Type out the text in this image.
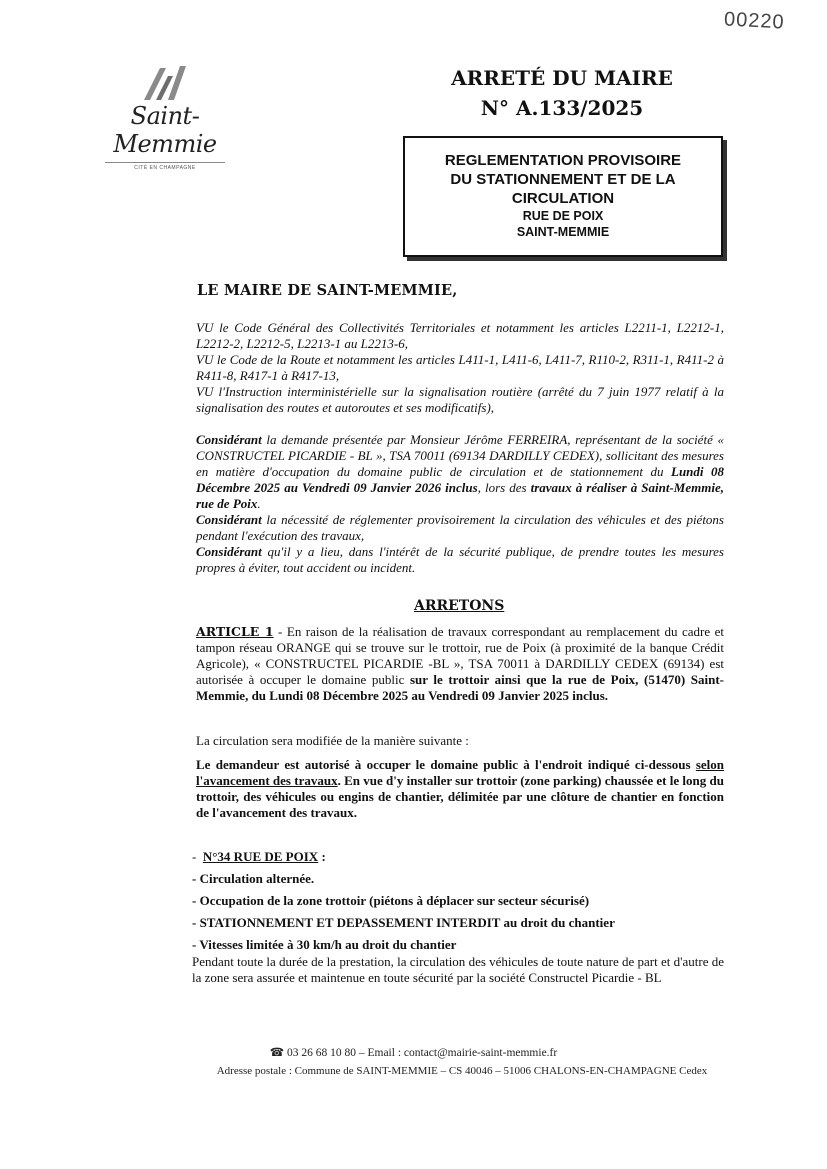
00220
Saint-Memmie
CITÉ EN CHAMPAGNE
ARRETÉ DU MAIRE
N° A.133/2025
REGLEMENTATION PROVISOIRE
DU STATIONNEMENT ET DE LA
CIRCULATION
RUE DE POIX
SAINT-MEMMIE
LE MAIRE DE SAINT-MEMMIE,
VU le Code Général des Collectivités Territoriales et notamment les articles L2211-1, L2212-1, L2212-2, L2212-5, L2213-1 au L2213-6,
VU le Code de la Route et notamment les articles L411-1, L411-6, L411-7, R110-2, R311-1, R411-2 à R411-8, R417-1 à R417-13,
VU l'Instruction interministérielle sur la signalisation routière (arrêté du 7 juin 1977 relatif à la signalisation des routes et autoroutes et ses modificatifs),
Considérant la demande présentée par Monsieur Jérôme FERREIRA, représentant de la société « CONSTRUCTEL PICARDIE - BL », TSA 70011 (69134 DARDILLY CEDEX), sollicitant des mesures en matière d'occupation du domaine public de circulation et de stationnement du Lundi 08 Décembre 2025 au Vendredi 09 Janvier 2026 inclus, lors des travaux à réaliser à Saint-Memmie, rue de Poix.
Considérant la nécessité de réglementer provisoirement la circulation des véhicules et des piétons pendant l'exécution des travaux,
Considérant qu'il y a lieu, dans l'intérêt de la sécurité publique, de prendre toutes les mesures propres à éviter, tout accident ou incident.
ARRETONS
ARTICLE 1 - En raison de la réalisation de travaux correspondant au remplacement du cadre et tampon réseau ORANGE qui se trouve sur le trottoir, rue de Poix (à proximité de la banque Crédit Agricole), « CONSTRUCTEL PICARDIE -BL », TSA 70011 à DARDILLY CEDEX (69134) est autorisée à occuper le domaine public sur le trottoir ainsi que la rue de Poix, (51470) Saint-Memmie, du Lundi 08 Décembre 2025 au Vendredi 09 Janvier 2025 inclus.
La circulation sera modifiée de la manière suivante :
Le demandeur est autorisé à occuper le domaine public à l'endroit indiqué ci-dessous selon l'avancement des travaux. En vue d'y installer sur trottoir (zone parking) chaussée et le long du trottoir, des véhicules ou engins de chantier, délimitée par une clôture de chantier en fonction de l'avancement des travaux.
- N°34 RUE DE POIX :
- Circulation alternée.
- Occupation de la zone trottoir (piétons à déplacer sur secteur sécurisé)
- STATIONNEMENT ET DEPASSEMENT INTERDIT au droit du chantier
- Vitesses limitée à 30 km/h au droit du chantier
Pendant toute la durée de la prestation, la circulation des véhicules de toute nature de part et d'autre de la zone sera assurée et maintenue en toute sécurité par la société Constructel Picardie - BL
☎ 03 26 68 10 80 – Email : contact@mairie-saint-memmie.fr
Adresse postale : Commune de SAINT-MEMMIE – CS 40046 – 51006 CHALONS-EN-CHAMPAGNE Cedex
